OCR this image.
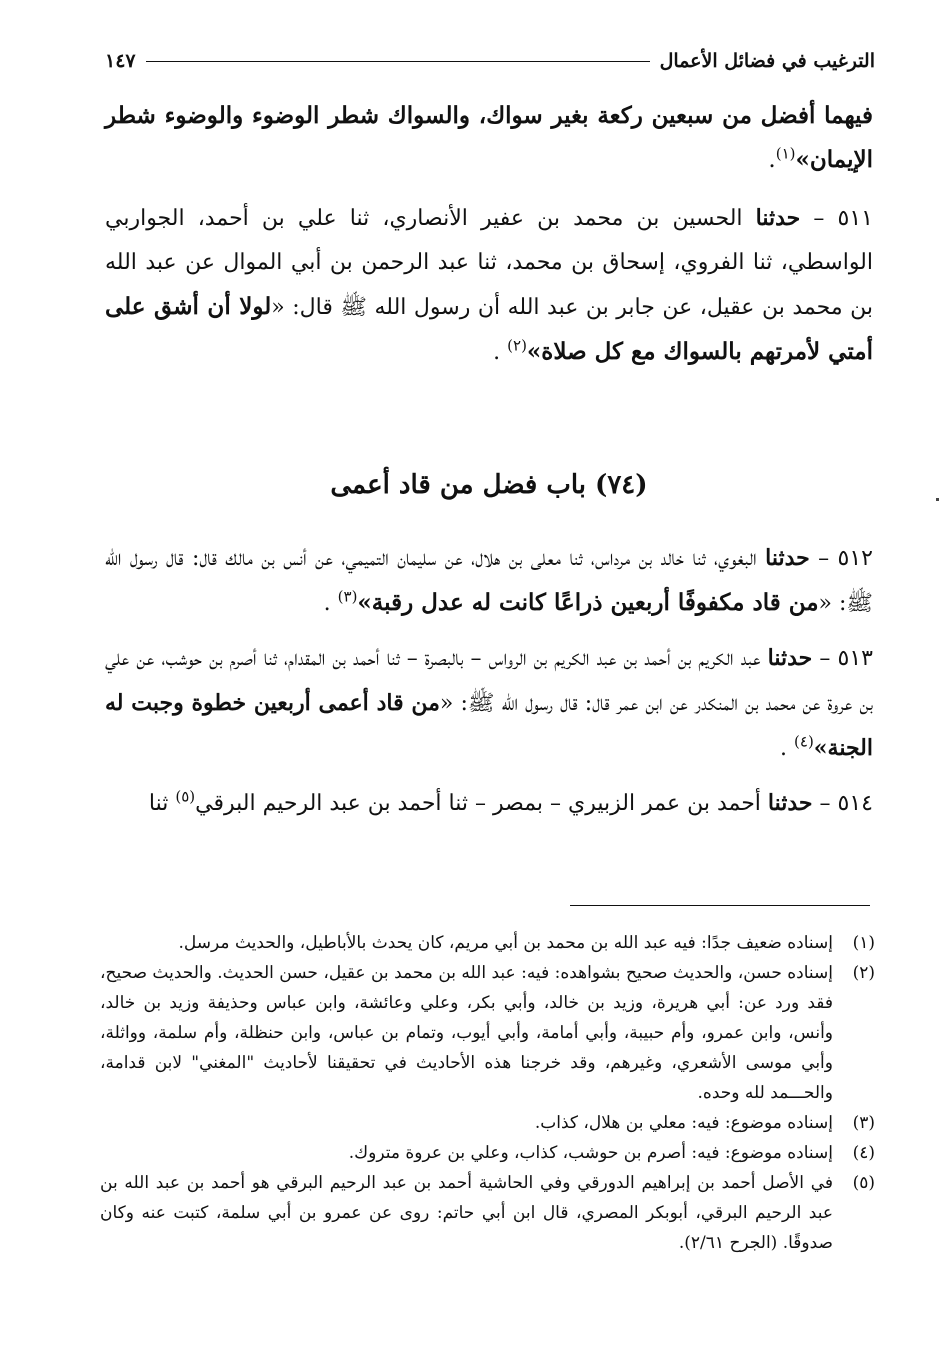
الترغيب في فضائل الأعمال
١٤٧

فيهما أفضل من سبعين ركعة بغير سواك، والسواك شطر الوضوء والوضوء شطر الإيمان»$^{(١)}$.

٥١١ – حدثنا الحسين بن محمد بن عفير الأنصاري، ثنا علي بن أحمد، الجواربي الواسطي، ثنا الفروي، إسحاق بن محمد، ثنا عبد الرحمن بن أبي الموال عن عبد الله بن محمد بن عقيل، عن جابر بن عبد الله أن رسول الله ﷺ قال: «لولا أن أشق على أمتي لأمرتهم بالسواك مع كل صلاة»$^{(٢)}$ .

(٧٤) باب فضل من قاد أعمى

٥١٢ – حدثنا البغوي، ثنا خالد بن مرداس، ثنا معلى بن هلال، عن سليمان التميمي، عن أنس بن مالك قال: قال رسول الله ﷺ: «من قاد مكفوفًا أربعين ذراعًا كانت له عدل رقبة»$^{(٣)}$ .

٥١٣ – حدثنا عبد الكريم بن أحمد بن عبد الكريم بن الرواس – بالبصرة – ثنا أحمد بن المقدام، ثنا أصرم بن حوشب، عن علي بن عروة عن محمد بن المنكدر عن ابن عمر قال: قال رسول الله ﷺ: «من قاد أعمى أربعين خطوة وجبت له الجنة»$^{(٤)}$ .

٥١٤ – حدثنا أحمد بن عمر الزبيري – بمصر – ثنا أحمد بن عبد الرحيم البرقي$^{(٥)}$ ثنا

(١)
إسناده ضعيف جدًا: فيه عبد الله بن محمد بن أبي مريم، كان يحدث بالأباطيل، والحديث مرسل.
(٢)
إسناده حسن، والحديث صحيح بشواهده: فيه: عبد الله بن محمد بن عقيل، حسن الحديث. والحديث صحيح، فقد ورد عن: أبي هريرة، وزيد بن خالد، وأبي بكر، وعلي وعائشة، وابن عباس وحذيفة وزيد بن خالد، وأنس، وابن عمرو، وأم حبيبة، وأبي أمامة، وأبي أيوب، وتمام بن عباس، وابن حنظلة، وأم سلمة، وواثلة، وأبي موسى الأشعري، وغيرهم، وقد خرجنا هذه الأحاديث في تحقيقنا لأحاديث "المغني" لابن قدامة، والحـــمد لله وحده.
(٣)
إسناده موضوع: فيه: معلي بن هلال، كذاب.
(٤)
إسناده موضوع: فيه: أصرم بن حوشب، كذاب، وعلي بن عروة متروك.
(٥)
في الأصل أحمد بن إبراهيم الدورقي وفي الحاشية أحمد بن عبد الرحيم البرقي هو أحمد بن عبد الله بن عبد الرحيم البرقي، أبوبكر المصري، قال ابن أبي حاتم: روى عن عمرو بن أبي سلمة، كتبت عنه وكان صدوقًا. (الجرح ٢/٦١).
